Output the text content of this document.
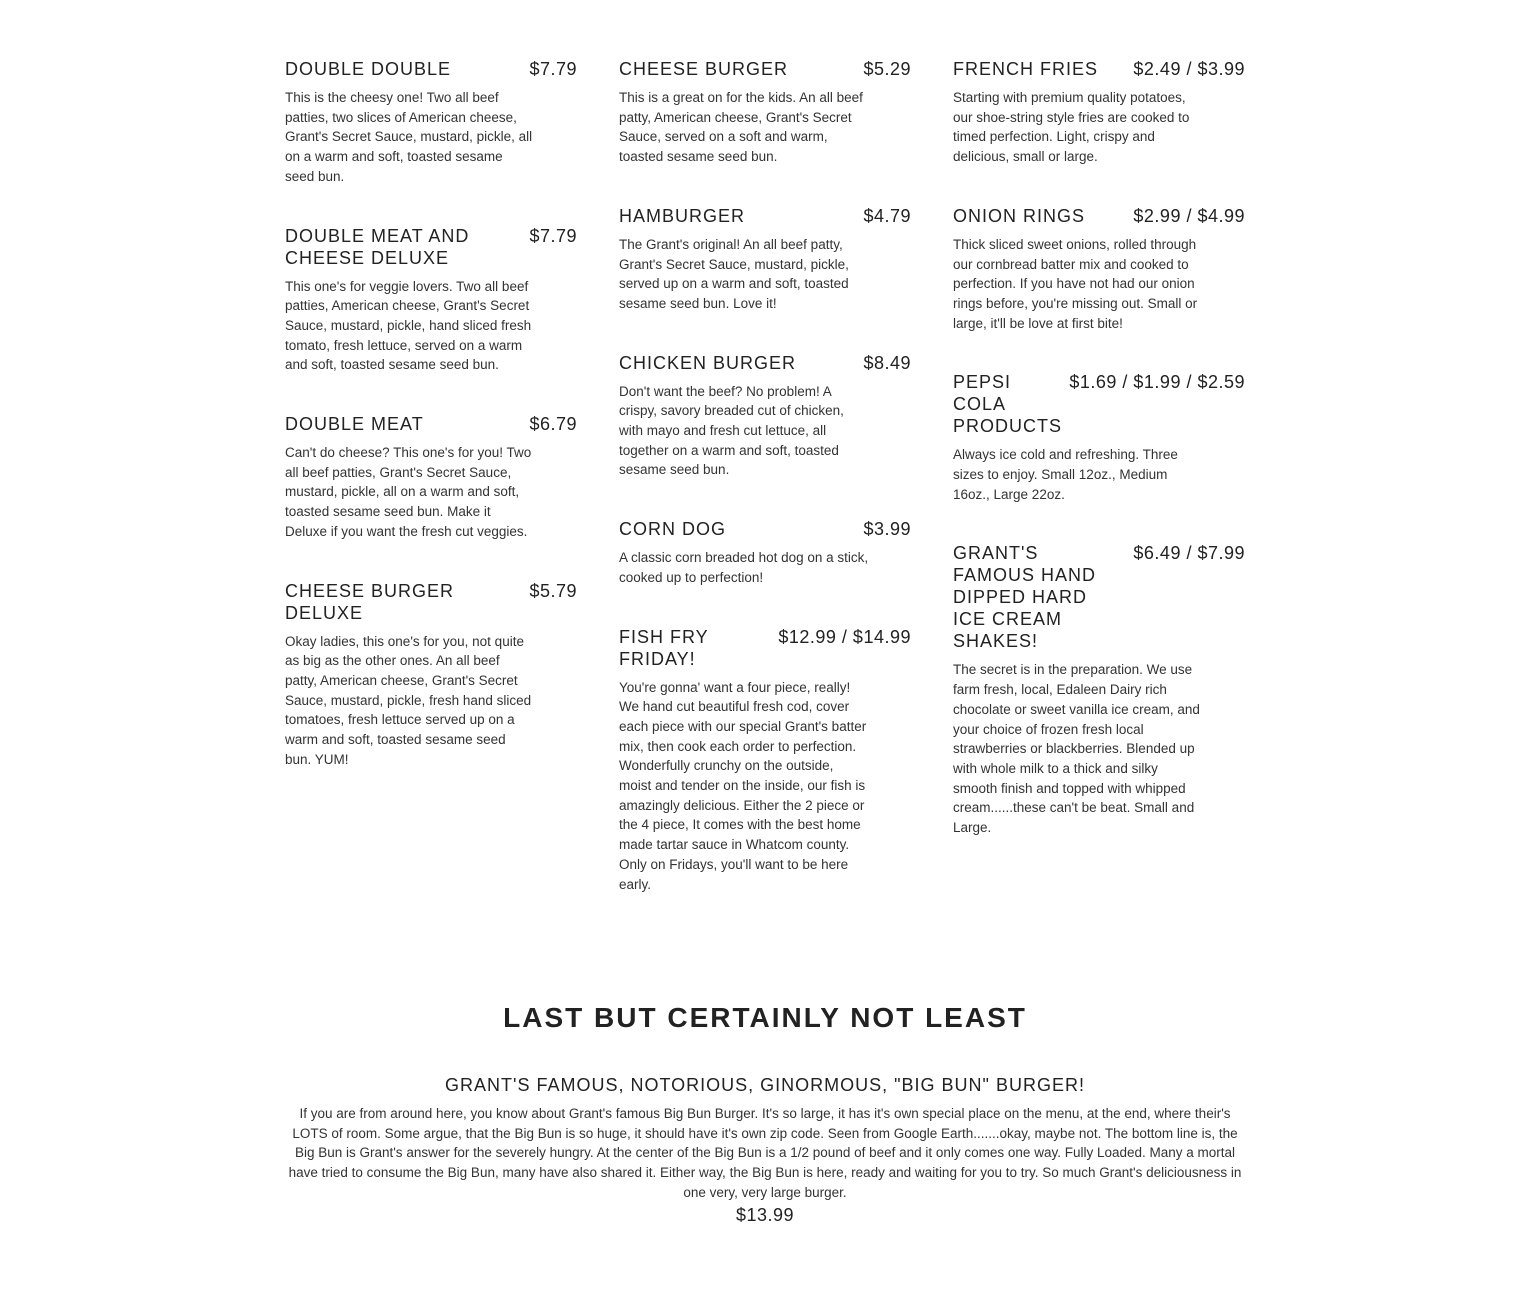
DOUBLE DOUBLE	$7.79
This is the cheesy one! Two all beef patties, two slices of American cheese, Grant's Secret Sauce, mustard, pickle, all on a warm and soft, toasted sesame seed bun.
DOUBLE MEAT AND CHEESE DELUXE
$7.79
This one's for veggie lovers. Two all beef patties, American cheese, Grant's Secret Sauce, mustard, pickle, hand sliced fresh tomato, fresh lettuce, served on a warm and soft, toasted sesame seed bun.
DOUBLE MEAT	$6.79
Can't do cheese? This one's for you! Two all beef patties, Grant's Secret Sauce, mustard, pickle, all on a warm and soft, toasted sesame seed bun. Make it Deluxe if you want the fresh cut veggies.
CHEESE BURGER DELUXE
$5.79
Okay ladies, this one's for you, not quite as big as the other ones. An all beef patty, American cheese, Grant's Secret Sauce, mustard, pickle, fresh hand sliced tomatoes, fresh lettuce served up on a warm and soft, toasted sesame seed bun. YUM!
CHEESE BURGER	$5.29
This is a great on for the kids. An all beef patty, American cheese, Grant's Secret Sauce, served on a soft and warm, toasted sesame seed bun.
HAMBURGER	$4.79
The Grant's original! An all beef patty, Grant's Secret Sauce, mustard, pickle, served up on a warm and soft, toasted sesame seed bun. Love it!
CHICKEN BURGER	$8.49
Don't want the beef? No problem! A crispy, savory breaded cut of chicken, with mayo and fresh cut lettuce, all together on a warm and soft, toasted sesame seed bun.
CORN DOG	$3.99
A classic corn breaded hot dog on a stick, cooked up to perfection!
FISH FRY FRIDAY!
$12.99 / $14.99
You're gonna' want a four piece, really! We hand cut beautiful fresh cod, cover each piece with our special Grant's batter mix, then cook each order to perfection. Wonderfully crunchy on the outside, moist and tender on the inside, our fish is amazingly delicious. Either the 2 piece or the 4 piece, It comes with the best home made tartar sauce in Whatcom county. Only on Fridays, you'll want to be here early.
FRENCH FRIES $2.49 / $3.99
Starting with premium quality potatoes, our shoe-string style fries are cooked to timed perfection. Light, crispy and delicious, small or large.
ONION RINGS	$2.99 / $4.99
Thick sliced sweet onions, rolled through our cornbread batter mix and cooked to perfection. If you have not had our onion rings before, you're missing out. Small or large, it'll be love at first bite!
PEPSI COLA PRODUCTS
$1.69 / $1.99 / $2.59
Always ice cold and refreshing. Three sizes to enjoy. Small 12oz., Medium 16oz., Large 22oz.
GRANT'S FAMOUS HAND DIPPED HARD ICE CREAM SHAKES!
$6.49 / $7.99
The secret is in the preparation. We use farm fresh, local, Edaleen Dairy rich chocolate or sweet vanilla ice cream, and your choice of frozen fresh local strawberries or blackberries. Blended up with whole milk to a thick and silky smooth finish and topped with whipped cream......these can't be beat. Small and Large.
LAST BUT CERTAINLY NOT LEAST
GRANT'S FAMOUS, NOTORIOUS, GINORMOUS, "BIG BUN" BURGER!
If you are from around here, you know about Grant's famous Big Bun Burger. It's so large, it has it's own special place on the menu, at the end, where their's LOTS of room. Some argue, that the Big Bun is so huge, it should have it's own zip code. Seen from Google Earth.......okay, maybe not. The bottom line is, the Big Bun is Grant's answer for the severely hungry. At the center of the Big Bun is a 1/2 pound of beef and it only comes one way. Fully Loaded. Many a mortal have tried to consume the Big Bun, many have also shared it. Either way, the Big Bun is here, ready and waiting for you to try. So much Grant's deliciousness in one very, very large burger.
$13.99
